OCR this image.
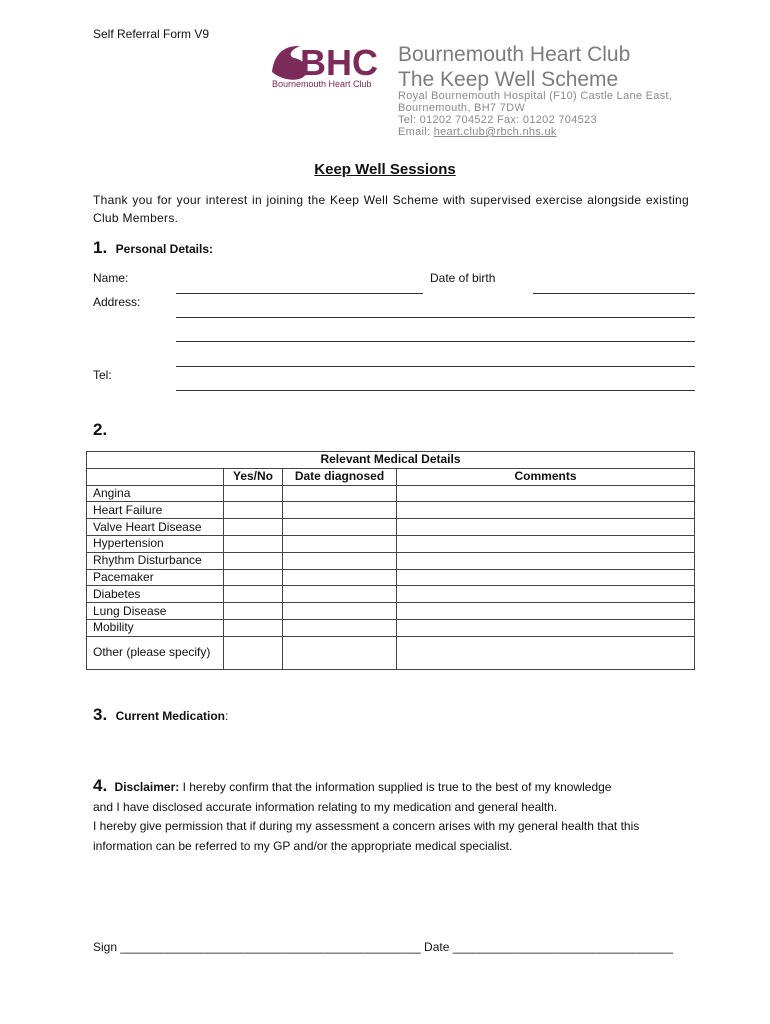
Self Referral Form V9
BHC
Bournemouth Heart Club
Bournemouth Heart Club
The Keep Well Scheme
Royal Bournemouth Hospital (F10) Castle Lane East,
Bournemouth, BH7 7DW
Tel: 01202 704522 Fax: 01202 704523
Email: heart.club@rbch.nhs.uk
Keep Well Sessions
Thank you for your interest in joining the Keep Well Scheme with supervised exercise alongside existing Club Members.
1. Personal Details:
Name:	Date of birth
Address:
Tel:
2.
Relevant Medical Details			
	Yes/No	Date diagnosed	Comments
Angina			
Heart Failure			
Valve Heart Disease			
Hypertension			
Rhythm Disturbance			
Pacemaker			
Diabetes			
Lung Disease			
Mobility			
Other (please specify)			
3. Current Medication:
4. Disclaimer: I hereby confirm that the information supplied is true to the best of my knowledge
and I have disclosed accurate information relating to my medication and general health.
I hereby give permission that if during my assessment a concern arises with my general health that this
information can be referred to my GP and/or the appropriate medical specialist.
Sign _____________________________________________ Date _________________________________
